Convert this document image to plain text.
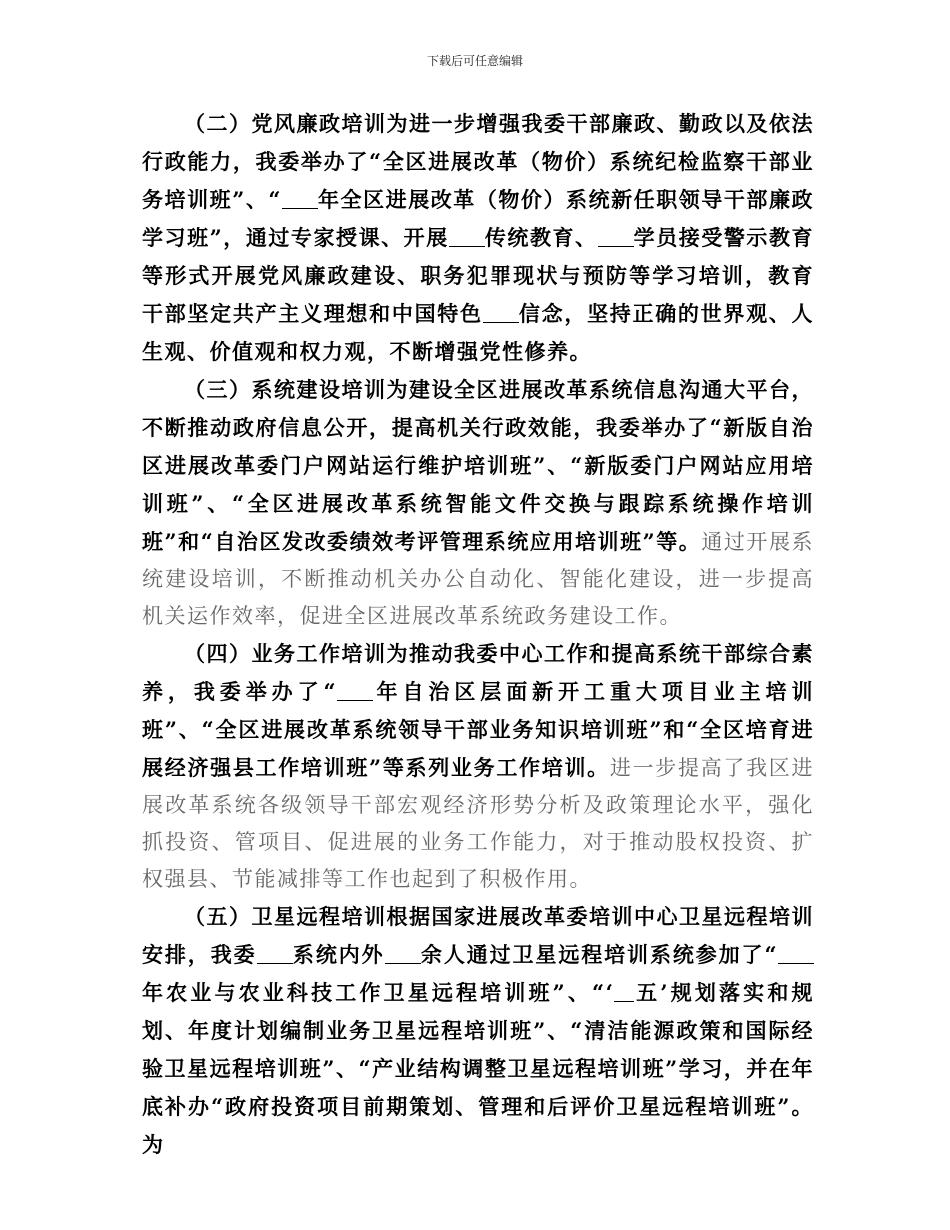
下载后可任意编辑

（二）党风廉政培训为进一步增强我委干部廉政、勤政以及依法行政能力，我委举办了“全区进展改革（物价）系统纪检监察干部业务培训班”、“ 年全区进展改革（物价）系统新任职领导干部廉政学习班”，通过专家授课、开展 传统教育、 学员接受警示教育等形式开展党风廉政建设、职务犯罪现状与预防等学习培训，教育干部坚定共产主义理想和中国特色 信念，坚持正确的世界观、人生观、价值观和权力观，不断增强党性修养。

（三）系统建设培训为建设全区进展改革系统信息沟通大平台，不断推动政府信息公开，提高机关行政效能，我委举办了“新版自治区进展改革委门户网站运行维护培训班”、“新版委门户网站应用培训班”、“全区进展改革系统智能文件交换与跟踪系统操作培训班”和“自治区发改委绩效考评管理系统应用培训班”等。通过开展系统建设培训，不断推动机关办公自动化、智能化建设，进一步提高机关运作效率，促进全区进展改革系统政务建设工作。

（四）业务工作培训为推动我委中心工作和提高系统干部综合素养，我委举办了“ 年自治区层面新开工重大项目业主培训班”、“全区进展改革系统领导干部业务知识培训班”和“全区培育进展经济强县工作培训班”等系列业务工作培训。进一步提高了我区进展改革系统各级领导干部宏观经济形势分析及政策理论水平，强化抓投资、管项目、促进展的业务工作能力，对于推动股权投资、扩权强县、节能减排等工作也起到了积极作用。

（五）卫星远程培训根据国家进展改革委培训中心卫星远程培训安排，我委 系统内外 余人通过卫星远程培训系统参加了“年农业与农业科技工作卫星远程培训班”、“‘ 五’规划落实和规划、年度计划编制业务卫星远程培训班”、“清洁能源政策和国际经验卫星远程培训班”、“产业结构调整卫星远程培训班”学习，并在年底补办“政府投资项目前期策划、管理和后评价卫星远程培训班”。为
